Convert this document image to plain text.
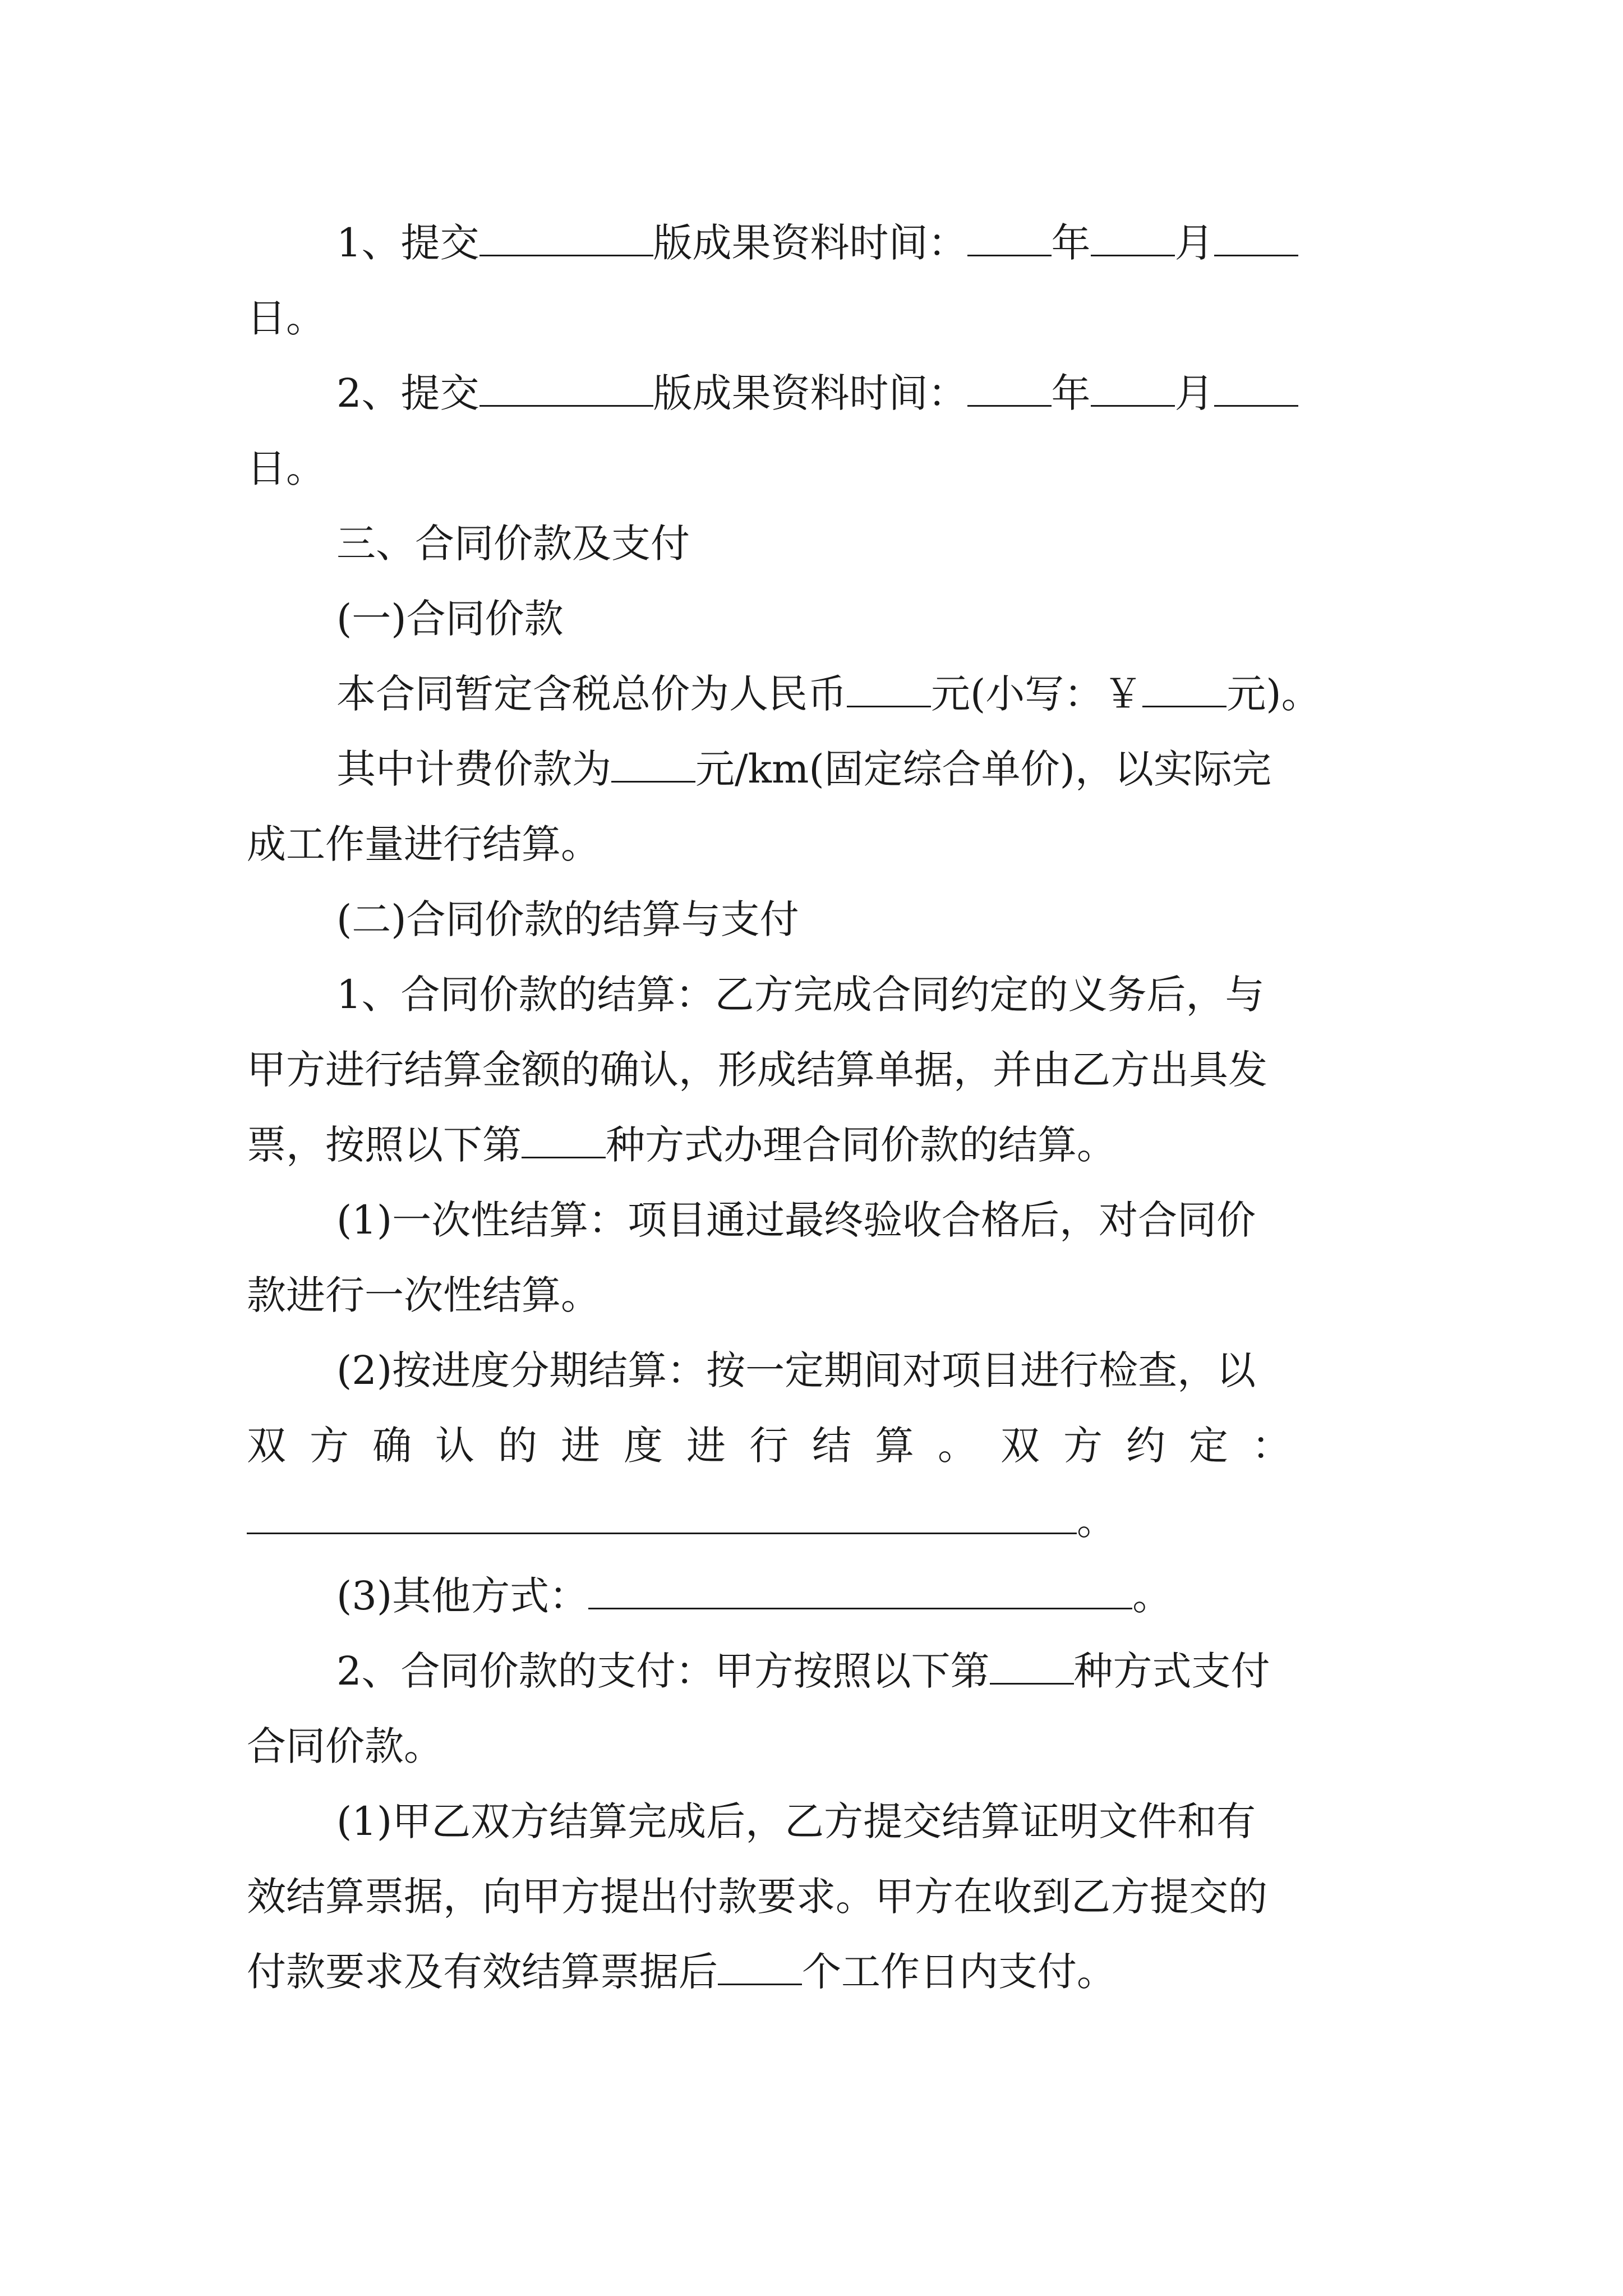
1、提交	版成果资料时间： 年 月
日。
2、提交	版成果资料时间： 年 月
日。
三、合同价款及支付
(一)合同价款
本合同暂定含税总价为人民币 元(小写：￥ 元)。
其中计费价款为 元/km(固定综合单价)，以实际完
成工作量进行结算。
(二)合同价款的结算与支付
1、合同价款的结算：乙方完成合同约定的义务后，与
甲方进行结算金额的确认，形成结算单据，并由乙方出具发
票，按照以下第 种方式办理合同价款的结算。
(1)一次性结算：项目通过最终验收合格后，对合同价
款进行一次性结算。
(2)按进度分期结算：按一定期间对项目进行检查，以
双方确认的进度进行结算。双方约定：
。
(3)其他方式：	。
2、合同价款的支付：甲方按照以下第 种方式支付
合同价款。
(1)甲乙双方结算完成后，乙方提交结算证明文件和有
效结算票据，向甲方提出付款要求。甲方在收到乙方提交的
付款要求及有效结算票据后 个工作日内支付。
